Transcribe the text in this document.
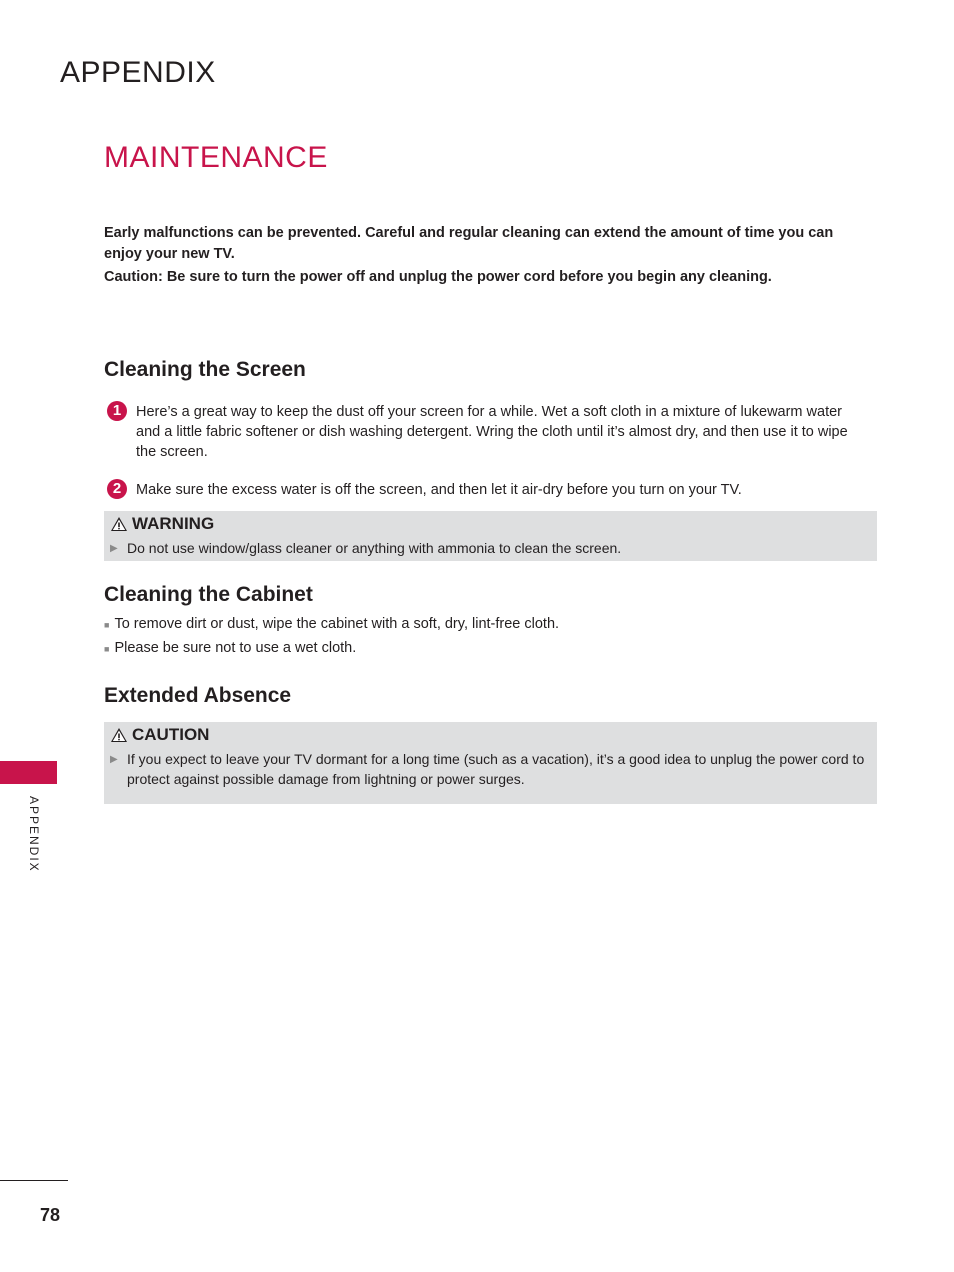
APPENDIX
MAINTENANCE

Early malfunctions can be prevented. Careful and regular cleaning can extend the amount of time you can enjoy your new TV.

Caution: Be sure to turn the power off and unplug the power cord before you begin any cleaning.

Cleaning the Screen
1	Here’s a great way to keep the dust off your screen for a while. Wet a soft cloth in a mixture of lukewarm water and a little fabric softener or dish washing detergent. Wring the cloth until it’s almost dry, and then use it to wipe the screen.
2	Make sure the excess water is off the screen, and then let it air-dry before you turn on your TV.
WARNING
▶ Do not use window/glass cleaner or anything with ammonia to clean the screen.
Cleaning the Cabinet
■ To remove dirt or dust, wipe the cabinet with a soft, dry, lint-free cloth.
■ Please be sure not to use a wet cloth.
Extended Absence
CAUTION
▶ If you expect to leave your TV dormant for a long time (such as a vacation), it’s a good idea to unplug the power cord to protect against possible damage from lightning or power surges.
APPENDIX
78
